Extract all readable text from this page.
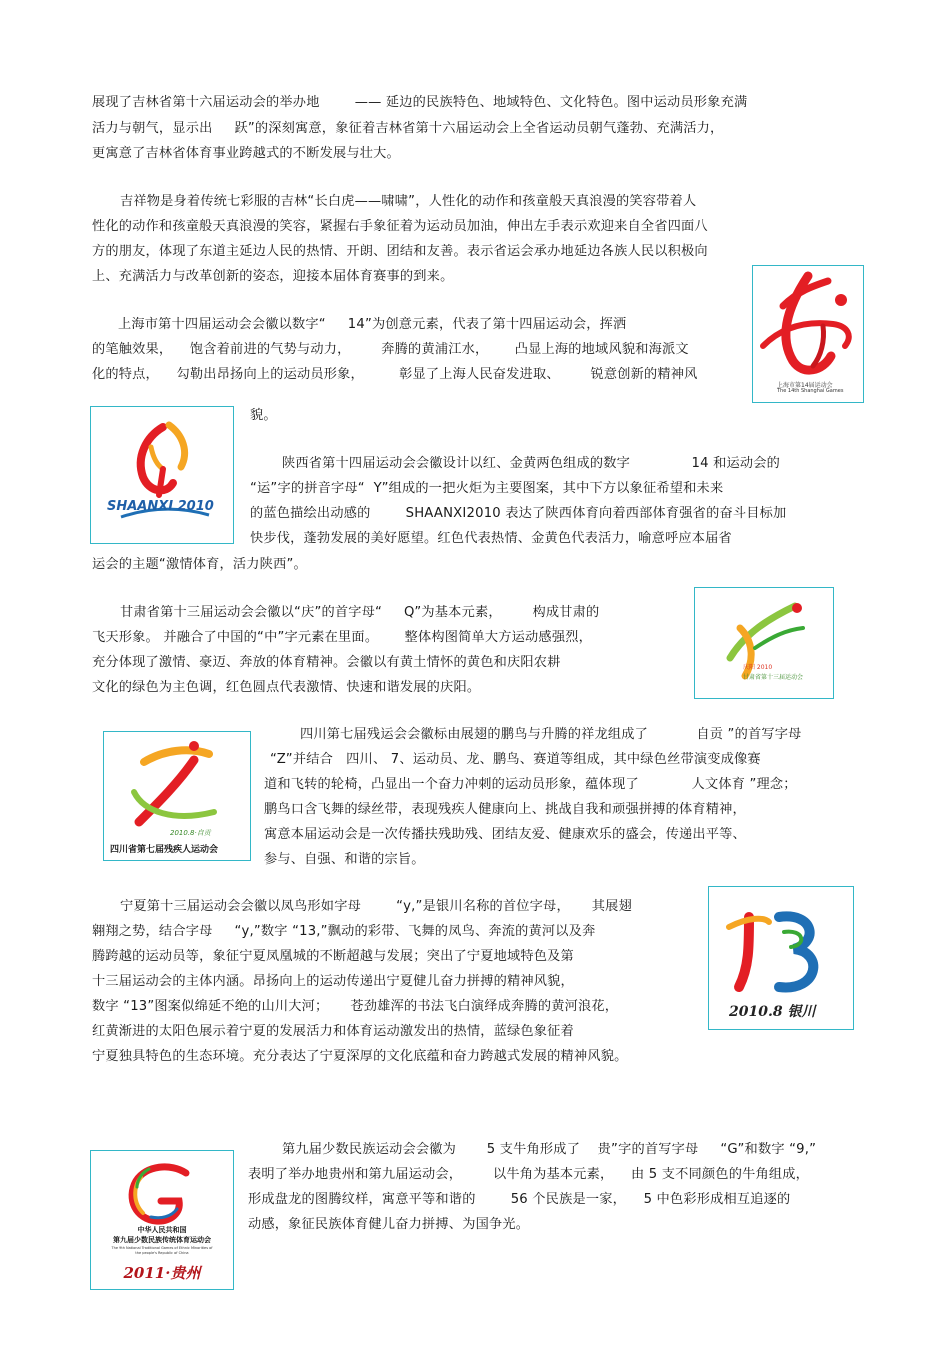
展现了吉林省第十六届运动会的举办地        —— 延边的民族特色、地域特色、文化特色。图中运动员形象充满
活力与朝气，显示出     跃”的深刻寓意，象征着吉林省第十六届运动会上全省运动员朝气蓬勃、充满活力，
更寓意了吉林省体育事业跨越式的不断发展与壮大。
吉祥物是身着传统七彩服的吉林“长白虎——啸啸”，人性化的动作和孩童般天真浪漫的笑容带着人
性化的动作和孩童般天真浪漫的笑容，紧握右手象征着为运动员加油，伸出左手表示欢迎来自全省四面八
方的朋友，体现了东道主延边人民的热情、开朗、团结和友善。表示省运会承办地延边各族人民以积极向
上、充满活力与改革创新的姿态，迎接本届体育赛事的到来。
上海市第十四届运动会会徽以数字“     14”为创意元素，代表了第十四届运动会，挥洒
的笔触效果，    饱含着前进的气势与动力，       奔腾的黄浦江水，      凸显上海的地域风貌和海派文
化的特点，    勾勒出昂扬向上的运动员形象，        彰显了上海人民奋发进取、       锐意创新的精神风
貌。
上海市第14届运动会
The 14th Shanghai Games
SHAANXI 2010
陕西省第十四届运动会会徽设计以红、金黄两色组成的数字              14 和运动会的
“运”字的拼音字母“  Y”组成的一把火炬为主要图案，其中下方以象征希望和未来
的蓝色描绘出动感的        SHAANXI2010 表达了陕西体育向着西部体育强省的奋斗目标加
快步伐，蓬勃发展的美好愿望。红色代表热情、金黄色代表活力，喻意呼应本届省
运会的主题“激情体育，活力陕西”。
甘肃省第十三届运动会会徽以“庆”的首字母“     Q”为基本元素，       构成甘肃的
飞天形象。 并融合了中国的“中”字元素在里面。      整体构图简单大方运动感强烈，
充分体现了激情、豪迈、奔放的体育精神。会徽以有黄土情怀的黄色和庆阳农耕
文化的绿色为主色调，红色圆点代表激情、快速和谐发展的庆阳。
庆阳 2010
甘肃省第十三届运动会
四川第七届残运会会徽标由展翅的鹏鸟与升腾的祥龙组成了           自贡 ”的首写字母
“Z”并结合   四川、 7、运动员、龙、鹏鸟、赛道等组成，其中绿色丝带演变成像赛
道和飞转的轮椅，凸显出一个奋力冲刺的运动员形象，蕴体现了            人文体育 ”理念；
鹏鸟口含飞舞的绿丝带，表现残疾人健康向上、挑战自我和顽强拼搏的体育精神，
寓意本届运动会是一次传播扶残助残、团结友爱、健康欢乐的盛会，传递出平等、
参与、自强、和谐的宗旨。
2010.8·自贡
四川省第七届残疾人运动会
宁夏第十三届运动会会徽以凤鸟形如字母        “y,”是银川名称的首位字母，     其展翅
翱翔之势，结合字母     “y,”数字 “13,”飘动的彩带、飞舞的凤鸟、奔流的黄河以及奔
腾跨越的运动员等，象征宁夏凤凰城的不断超越与发展；突出了宁夏地域特色及第
十三届运动会的主体内涵。昂扬向上的运动传递出宁夏健儿奋力拼搏的精神风貌，
数字 “13”图案似绵延不绝的山川大河；     苍劲雄浑的书法飞白演绎成奔腾的黄河浪花，
红黄渐进的太阳色展示着宁夏的发展活力和体育运动激发出的热情，蓝绿色象征着
宁夏独具特色的生态环境。充分表达了宁夏深厚的文化底蕴和奋力跨越式发展的精神风貌。
2010.8 银川
第九届少数民族运动会会徽为       5 支牛角形成了    贵”字的首写字母     “G”和数字 “9,”
表明了举办地贵州和第九届运动会，       以牛角为基本元素，    由 5 支不同颜色的牛角组成，
形成盘龙的图腾纹样，寓意平等和谐的        56 个民族是一家，    5 中色彩形成相互追逐的
动感，象征民族体育健儿奋力拼搏、为国争光。
中华人民共和国
第九届少数民族传统体育运动会
The 9th National Traditional Games of Ethnic Minorities of
the people's Republic of China
2011·贵州
